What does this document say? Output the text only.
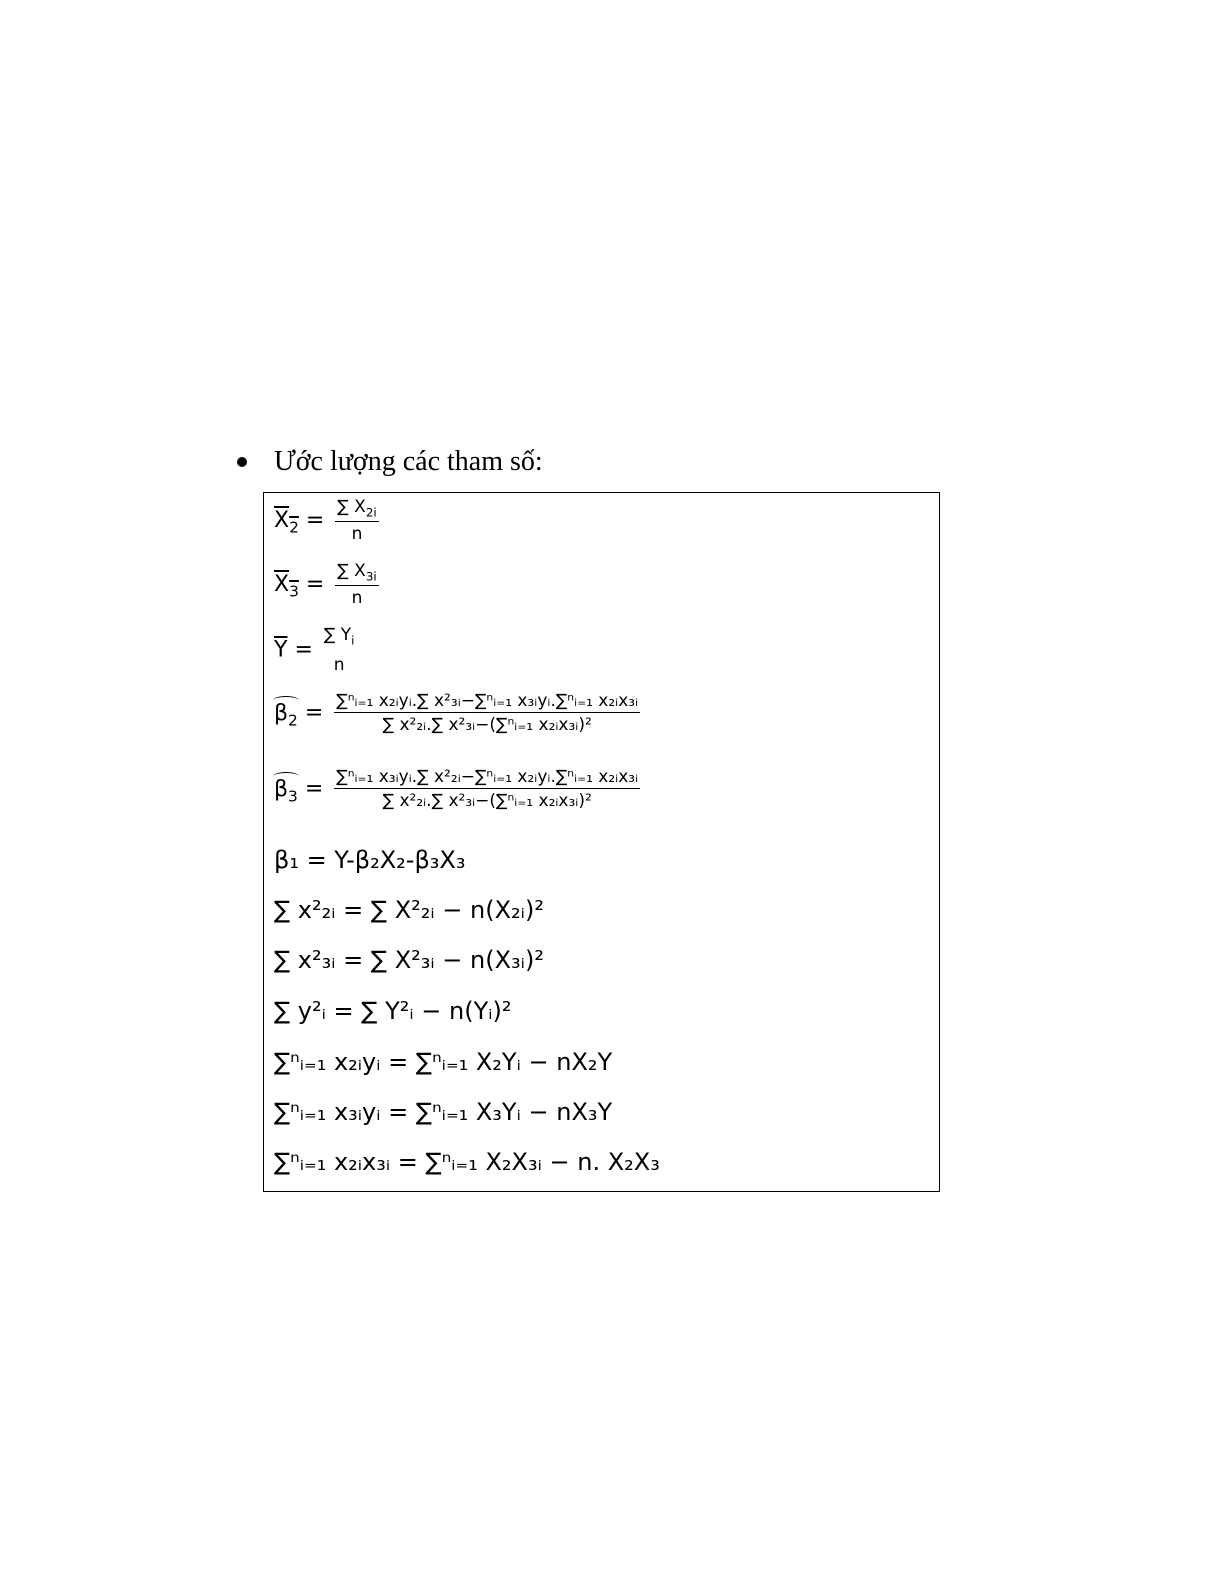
Ước lượng các tham số:
$X_2 = \frac{\sum X_{2i}}{n}$
$X_3 = \frac{\sum X_{3i}}{n}$
$\overline{Y}$ =
∑ $Y_i$
n
$\beta_2 = \frac{\text{∑ⁿᵢ₌₁ x₂ᵢyᵢ.∑ x²₃ᵢ−∑ⁿᵢ₌₁ x₃ᵢyᵢ.∑ⁿᵢ₌₁ x₂ᵢx₃ᵢ}}{\text{∑ x²₂ᵢ.∑ x²₃ᵢ−(∑ⁿᵢ₌₁ x₂ᵢx₃ᵢ)²}}$
$\beta_3 = \frac{\text{∑ⁿᵢ₌₁ x₃ᵢyᵢ.∑ x²₂ᵢ−∑ⁿᵢ₌₁ x₂ᵢyᵢ.∑ⁿᵢ₌₁ x₂ᵢx₃ᵢ}}{\text{∑ x²₂ᵢ.∑ x²₃ᵢ−(∑ⁿᵢ₌₁ x₂ᵢx₃ᵢ)²}}$
β₁ = Y-β₂X₂-β₃X₃
∑ x²₂ᵢ = ∑ X²₂ᵢ − n(X₂ᵢ)²
∑ x²₃ᵢ = ∑ X²₃ᵢ − n(X₃ᵢ)²
∑ y²ᵢ = ∑ Y²ᵢ − n(Yᵢ)²
∑ⁿᵢ₌₁ x₂ᵢyᵢ = ∑ⁿᵢ₌₁ X₂Yᵢ − nX₂Y
∑ⁿᵢ₌₁ x₃ᵢyᵢ = ∑ⁿᵢ₌₁ X₃Yᵢ − nX₃Y
∑ⁿᵢ₌₁ x₂ᵢx₃ᵢ = ∑ⁿᵢ₌₁ X₂X₃ᵢ − n. X₂X₃
